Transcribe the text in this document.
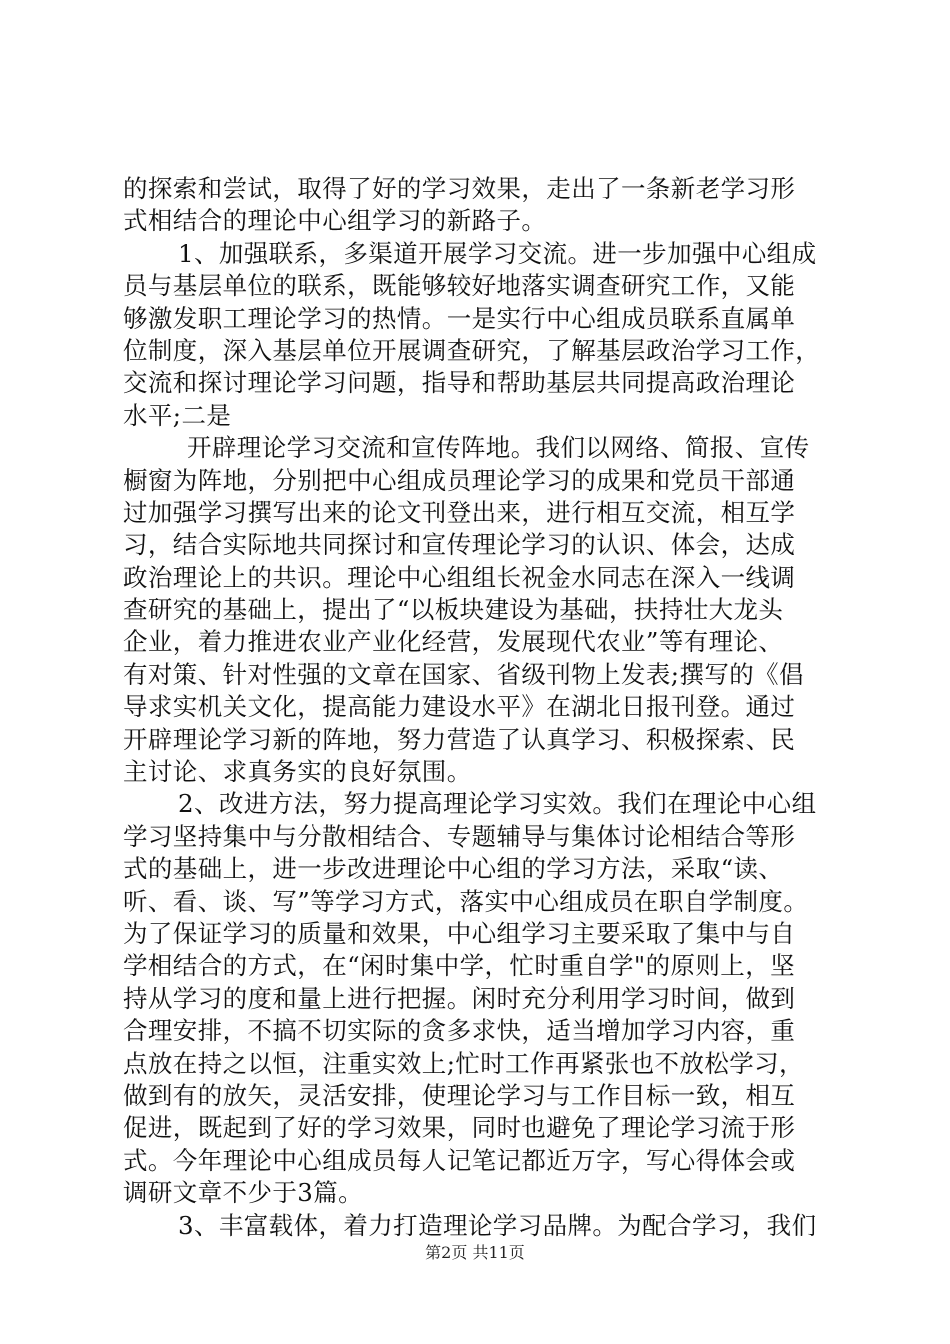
的探索和尝试，取得了好的学习效果，走出了一条新老学习形
式相结合的理论中心组学习的新路子。
1、加强联系，多渠道开展学习交流。进一步加强中心组成
员与基层单位的联系，既能够较好地落实调查研究工作，又能
够激发职工理论学习的热情。一是实行中心组成员联系直属单
位制度，深入基层单位开展调查研究，了解基层政治学习工作，
交流和探讨理论学习问题，指导和帮助基层共同提高政治理论
水平;二是
开辟理论学习交流和宣传阵地。我们以网络、简报、宣传
橱窗为阵地，分别把中心组成员理论学习的成果和党员干部通
过加强学习撰写出来的论文刊登出来，进行相互交流，相互学
习，结合实际地共同探讨和宣传理论学习的认识、体会，达成
政治理论上的共识。理论中心组组长祝金水同志在深入一线调
查研究的基础上，提出了“以板块建设为基础，扶持壮大龙头
企业，着力推进农业产业化经营，发展现代农业”等有理论、
有对策、针对性强的文章在国家、省级刊物上发表;撰写的《倡
导求实机关文化，提高能力建设水平》在湖北日报刊登。通过
开辟理论学习新的阵地，努力营造了认真学习、积极探索、民
主讨论、求真务实的良好氛围。
2、改进方法，努力提高理论学习实效。我们在理论中心组
学习坚持集中与分散相结合、专题辅导与集体讨论相结合等形
式的基础上，进一步改进理论中心组的学习方法，采取“读、
听、看、谈、写”等学习方式，落实中心组成员在职自学制度。
为了保证学习的质量和效果，中心组学习主要采取了集中与自
学相结合的方式，在“闲时集中学，忙时重自学"的原则上，坚
持从学习的度和量上进行把握。闲时充分利用学习时间，做到
合理安排，不搞不切实际的贪多求快，适当增加学习内容，重
点放在持之以恒，注重实效上;忙时工作再紧张也不放松学习，
做到有的放矢，灵活安排，使理论学习与工作目标一致，相互
促进，既起到了好的学习效果，同时也避免了理论学习流于形
式。今年理论中心组成员每人记笔记都近万字，写心得体会或
调研文章不少于3篇。
3、丰富载体，着力打造理论学习品牌。为配合学习，我们
第2页 共11页
